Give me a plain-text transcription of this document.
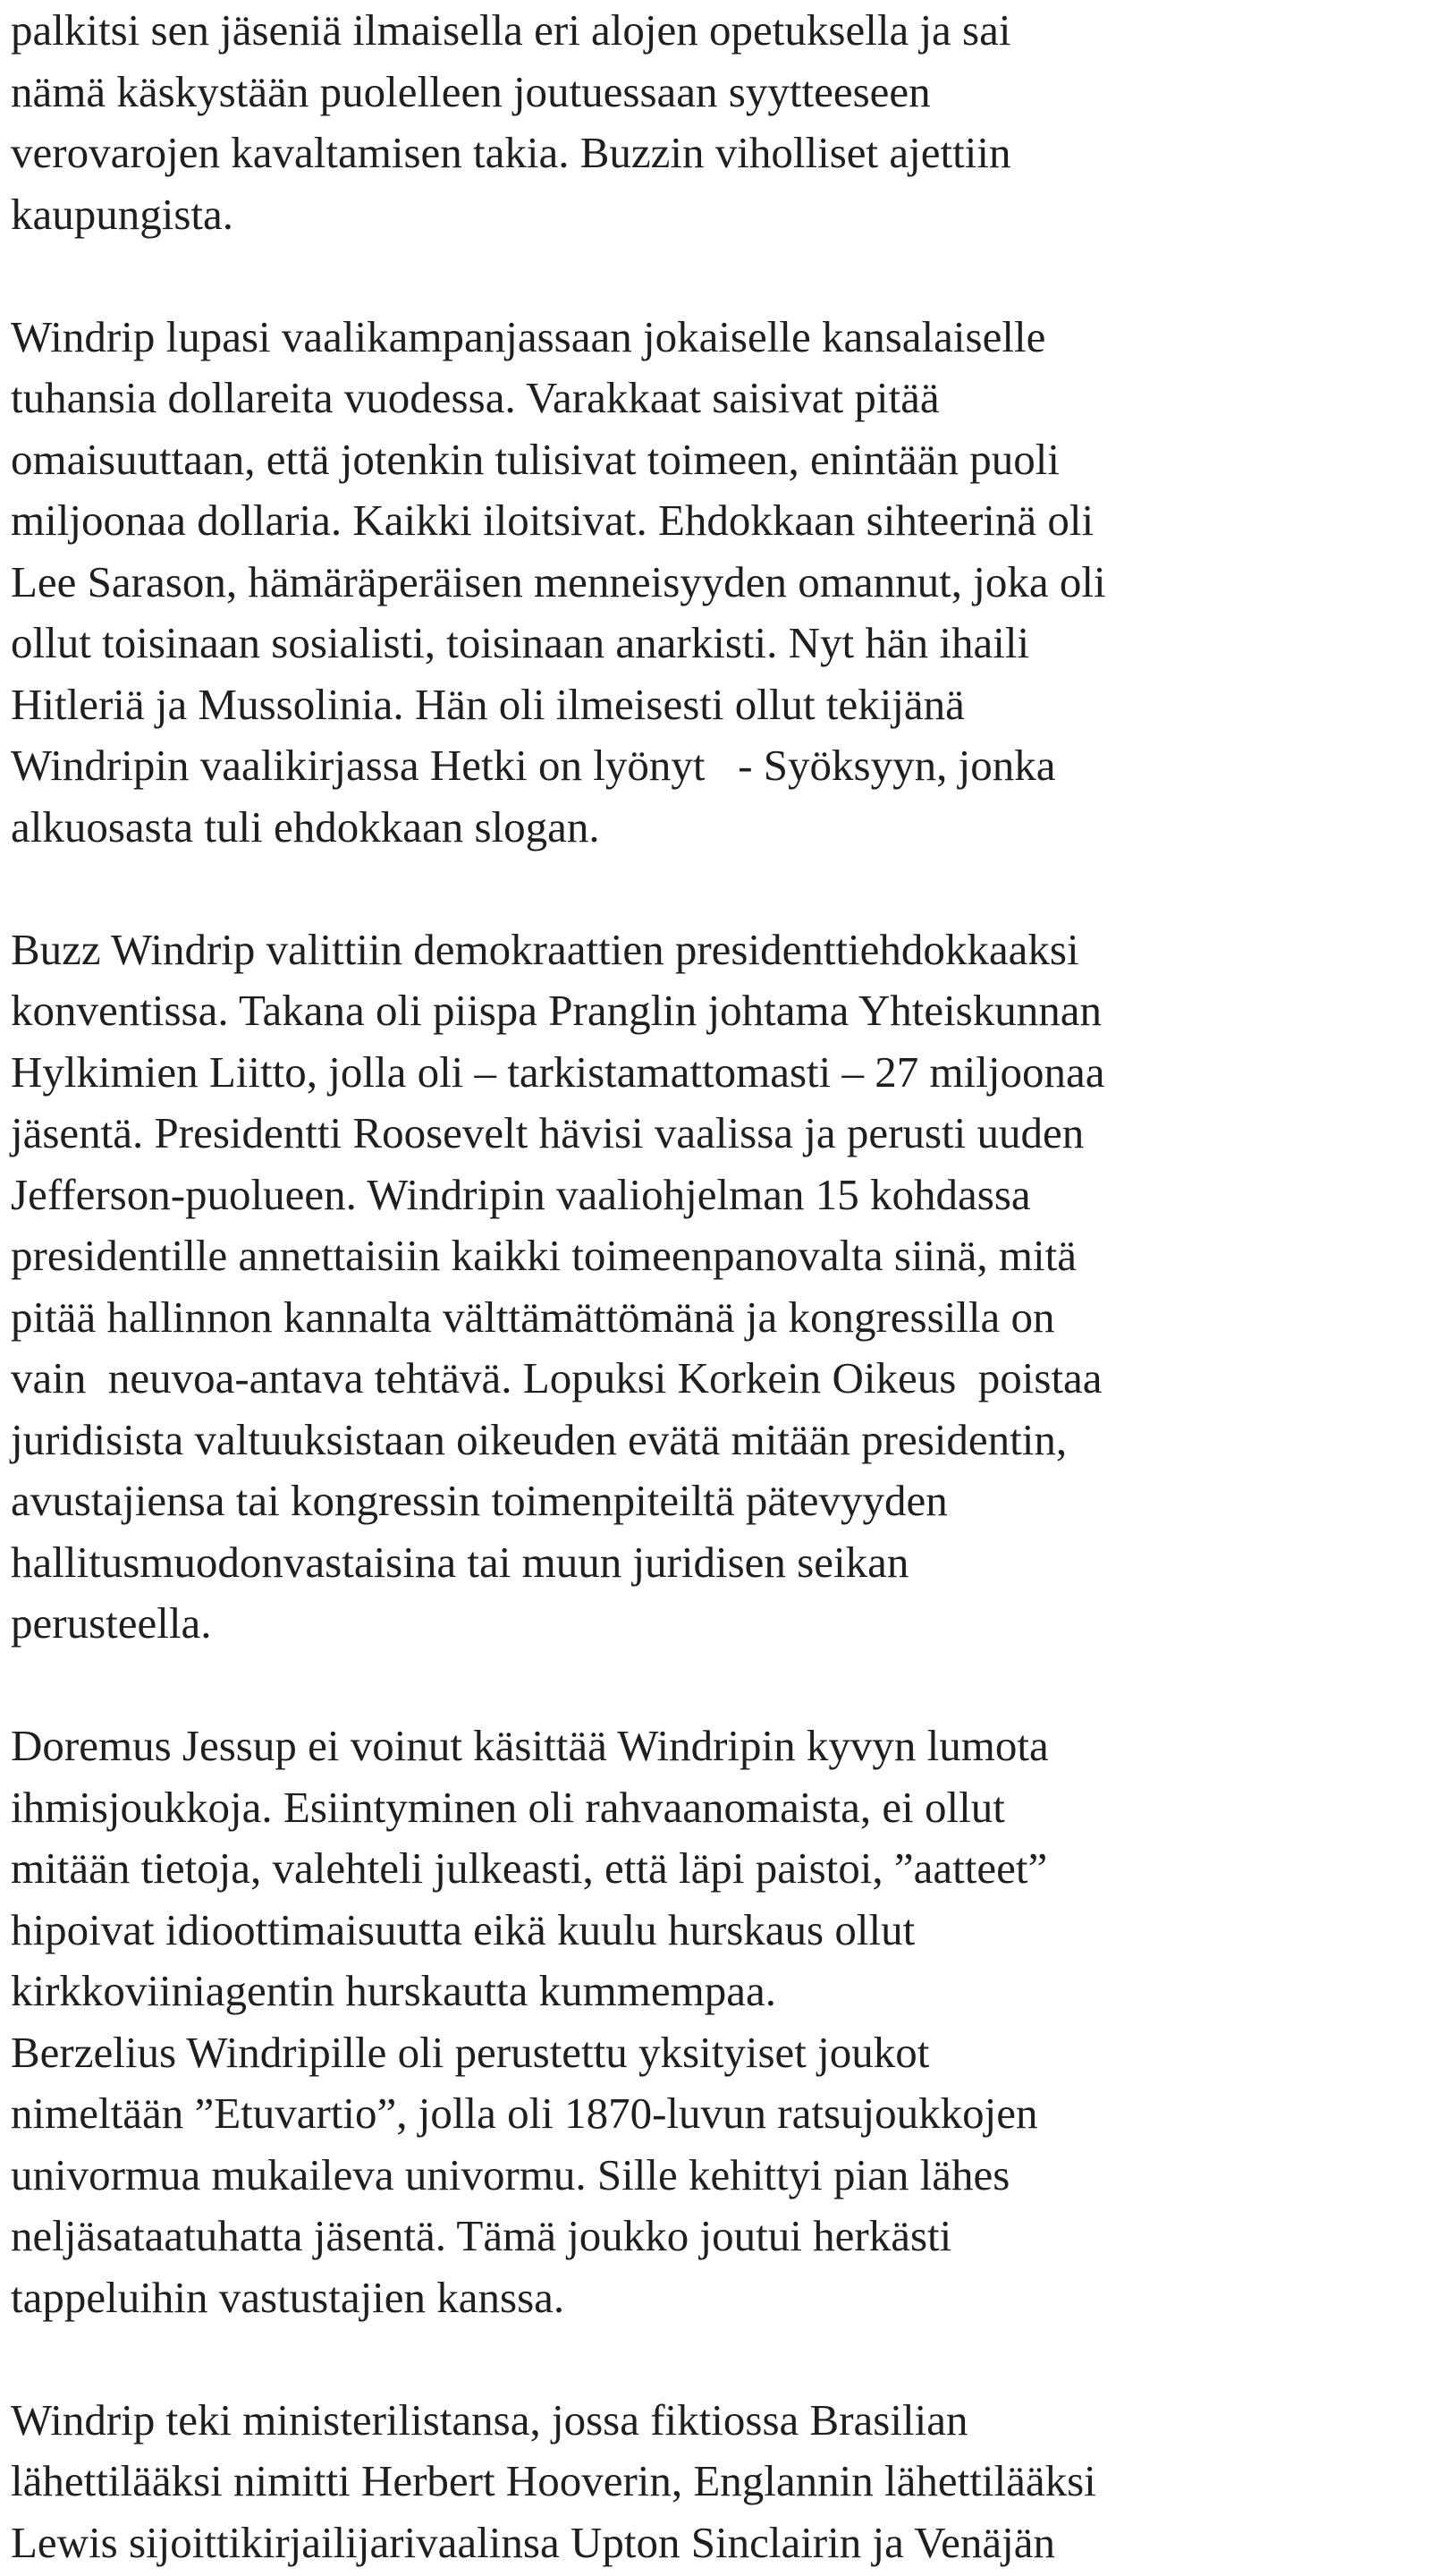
palkitsi sen jäseniä ilmaisella eri alojen opetuksella ja sai
nämä käskystään puolelleen joutuessaan syytteeseen
verovarojen kavaltamisen takia. Buzzin viholliset ajettiin
kaupungista.
Windrip lupasi vaalikampanjassaan jokaiselle kansalaiselle
tuhansia dollareita vuodessa. Varakkaat saisivat pitää
omaisuuttaan, että jotenkin tulisivat toimeen, enintään puoli
miljoonaa dollaria. Kaikki iloitsivat. Ehdokkaan sihteerinä oli
Lee Sarason, hämäräperäisen menneisyyden omannut, joka oli
ollut toisinaan sosialisti, toisinaan anarkisti. Nyt hän ihaili
Hitleriä ja Mussolinia. Hän oli ilmeisesti ollut tekijänä
Windripin vaalikirjassa Hetki on lyönyt   - Syöksyyn, jonka
alkuosasta tuli ehdokkaan slogan.
Buzz Windrip valittiin demokraattien presidenttiehdokkaaksi
konventissa. Takana oli piispa Pranglin johtama Yhteiskunnan
Hylkimien Liitto, jolla oli – tarkistamattomasti – 27 miljoonaa
jäsentä. Presidentti Roosevelt hävisi vaalissa ja perusti uuden
Jefferson-puolueen. Windripin vaaliohjelman 15 kohdassa
presidentille annettaisiin kaikki toimeenpanovalta siinä, mitä
pitää hallinnon kannalta välttämättömänä ja kongressilla on
vain  neuvoa-antava tehtävä. Lopuksi Korkein Oikeus  poistaa
juridisista valtuuksistaan oikeuden evätä mitään presidentin,
avustajiensa tai kongressin toimenpiteiltä pätevyyden
hallitusmuodonvastaisina tai muun juridisen seikan
perusteella.
Doremus Jessup ei voinut käsittää Windripin kyvyn lumota
ihmisjoukkoja. Esiintyminen oli rahvaanomaista, ei ollut
mitään tietoja, valehteli julkeasti, että läpi paistoi, ”aatteet”
hipoivat idioottimaisuutta eikä kuulu hurskaus ollut
kirkkoviiniagentin hurskautta kummempaa.
Berzelius Windripille oli perustettu yksityiset joukot
nimeltään ”Etuvartio”, jolla oli 1870-luvun ratsujoukkojen
univormua mukaileva univormu. Sille kehittyi pian lähes
neljäsataatuhatta jäsentä. Tämä joukko joutui herkästi
tappeluihin vastustajien kanssa.
Windrip teki ministerilistansa, jossa fiktiossa Brasilian
lähettilääksi nimitti Herbert Hooverin, Englannin lähettilääksi
Lewis sijoittikirjailijarivaalinsa Upton Sinclairin ja Venäjän
